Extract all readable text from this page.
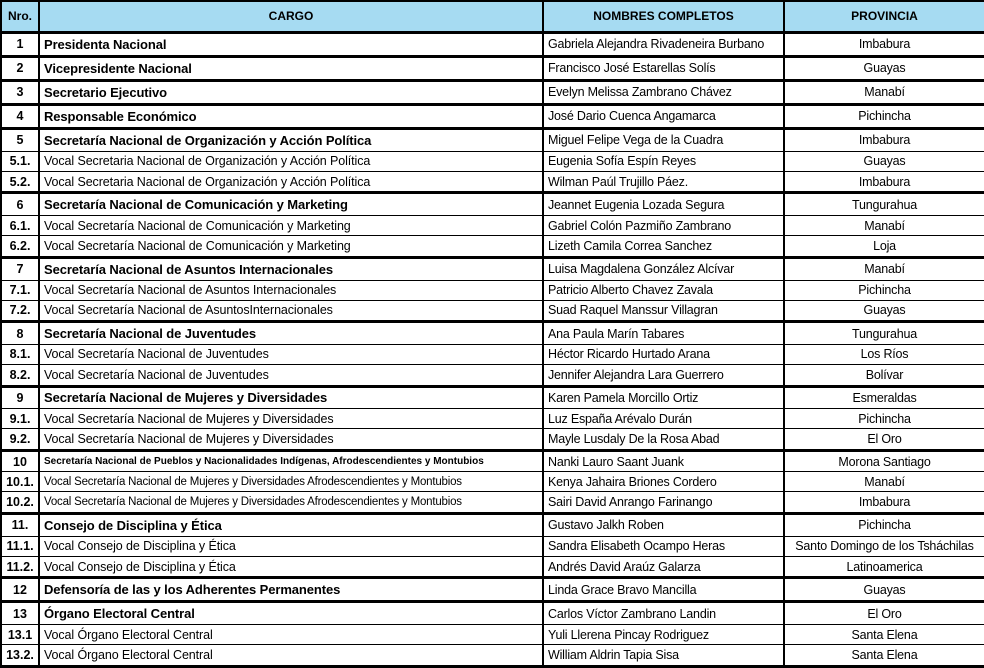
Nro.	CARGO	NOMBRES COMPLETOS	PROVINCIA
1	Presidenta Nacional	Gabriela Alejandra Rivadeneira Burbano	Imbabura
2	Vicepresidente Nacional	Francisco José Estarellas Solís	Guayas
3	Secretario Ejecutivo	Evelyn Melissa Zambrano Chávez	Manabí
4	Responsable Económico	José Dario Cuenca Angamarca	Pichincha
5	Secretaría Nacional de Organización y Acción Política	Miguel Felipe Vega de la Cuadra	Imbabura
5.1.	Vocal Secretaria Nacional de Organización y Acción Política	Eugenia Sofía Espín Reyes	Guayas
5.2.	Vocal Secretaria Nacional de Organización y Acción Política	Wilman Paúl Trujillo Páez.	Imbabura
6	Secretaría Nacional de Comunicación y Marketing	Jeannet Eugenia Lozada Segura	Tungurahua
6.1.	Vocal Secretaría Nacional de Comunicación y Marketing	Gabriel Colón Pazmiño Zambrano	Manabí
6.2.	Vocal Secretaría Nacional de Comunicación y Marketing	Lizeth Camila Correa Sanchez	Loja
7	Secretaría Nacional de Asuntos Internacionales	Luisa Magdalena González Alcívar	Manabí
7.1.	Vocal Secretaría Nacional de Asuntos Internacionales	Patricio Alberto Chavez Zavala	Pichincha
7.2.	Vocal Secretaría Nacional de AsuntosInternacionales	Suad Raquel Manssur Villagran	Guayas
8	Secretaría Nacional de Juventudes	Ana Paula Marín Tabares	Tungurahua
8.1.	Vocal Secretaría Nacional de Juventudes	Héctor Ricardo Hurtado Arana	Los Ríos
8.2.	Vocal Secretaría Nacional de Juventudes	Jennifer Alejandra Lara Guerrero	Bolívar
9	Secretaría Nacional de Mujeres y Diversidades	Karen Pamela Morcillo Ortiz	Esmeraldas
9.1.	Vocal Secretaría Nacional de Mujeres y Diversidades	Luz España Arévalo Durán	Pichincha
9.2.	Vocal Secretaría Nacional de Mujeres y Diversidades	Mayle Lusdaly De la Rosa Abad	El Oro
10	Secretaría Nacional de Pueblos y Nacionalidades Indígenas, Afrodescendientes y Montubios	Nanki Lauro Saant Juank	Morona Santiago
10.1.	Vocal Secretaría Nacional de Mujeres y Diversidades Afrodescendientes y Montubios	Kenya Jahaira Briones Cordero	Manabí
10.2.	Vocal Secretaría Nacional de Mujeres y Diversidades Afrodescendientes y Montubios	Sairi David Anrango Farinango	Imbabura
11.	Consejo de Disciplina y Ética	Gustavo Jalkh Roben	Pichincha
11.1.	Vocal Consejo de Disciplina y Ética	Sandra Elisabeth Ocampo Heras	Santo Domingo de los Tsháchilas
11.2.	Vocal Consejo de Disciplina y Ética	Andrés David Araúz Galarza	Latinoamerica
12	Defensoría de las y los Adherentes Permanentes	Linda Grace Bravo Mancilla	Guayas
13	Órgano Electoral Central	Carlos Víctor Zambrano Landin	El Oro
13.1	Vocal Órgano Electoral Central	Yuli Llerena Pincay Rodriguez	Santa Elena
13.2.	Vocal Órgano Electoral Central	William Aldrin Tapia Sisa	Santa Elena
